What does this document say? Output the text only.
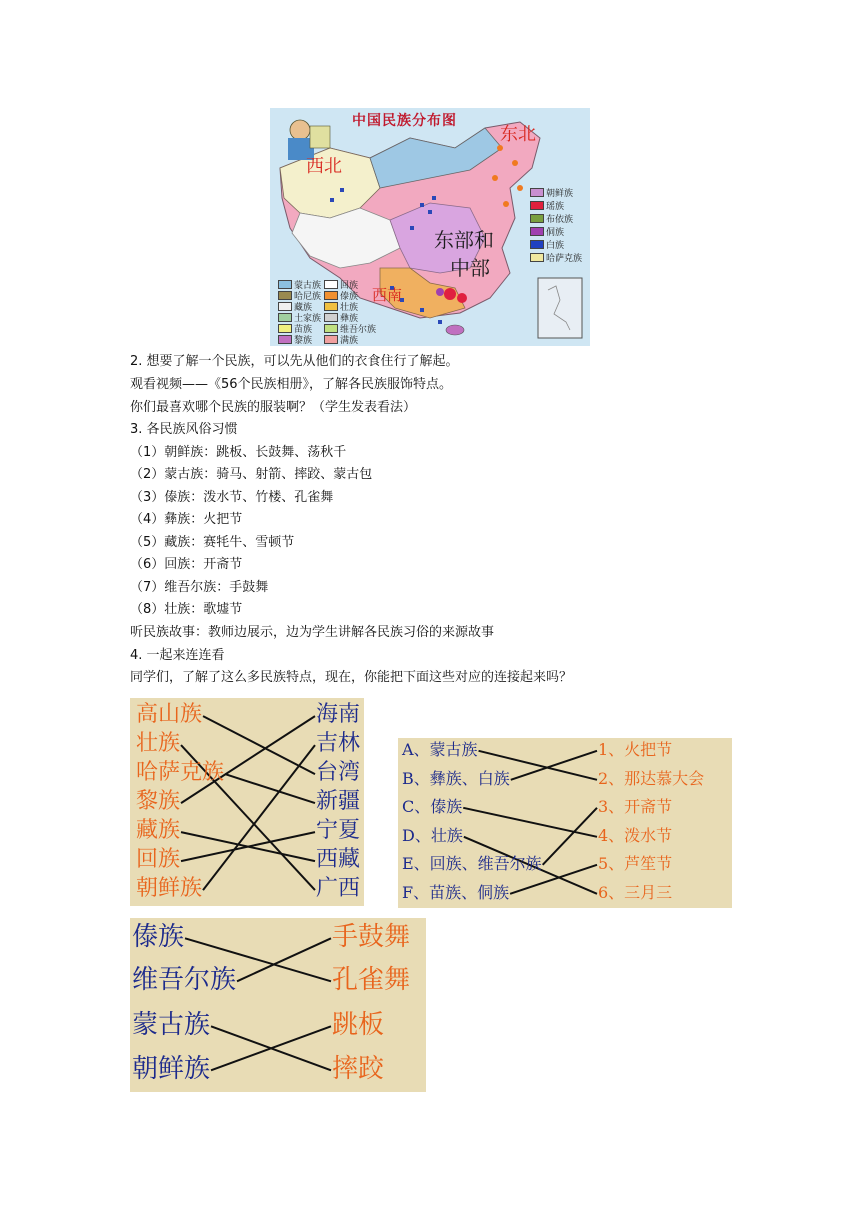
中国民族分布图
东北
西北
东部和
中部
西南
朝鲜族
瑶族
布依族
侗族
白族
哈萨克族
蒙古族
哈尼族
藏族
土家族
苗族
黎族
回族
傣族
壮族
彝族
维吾尔族
满族
2. 想要了解一个民族，可以先从他们的衣食住行了解起。
观看视频——《56个民族相册》，了解各民族服饰特点。
你们最喜欢哪个民族的服装啊？（学生发表看法）
3. 各民族风俗习惯
（1）朝鲜族：跳板、长鼓舞、荡秋千
（2）蒙古族：骑马、射箭、摔跤、蒙古包
（3）傣族：泼水节、竹楼、孔雀舞
（4）彝族：火把节
（5）藏族：赛牦牛、雪顿节
（6）回族：开斋节
（7）维吾尔族：手鼓舞
（8）壮族：歌墟节
听民族故事：教师边展示，边为学生讲解各民族习俗的来源故事
4. 一起来连连看
同学们，了解了这么多民族特点，现在，你能把下面这些对应的连接起来吗？
高山族
壮族
哈萨克族
黎族
藏族
回族
朝鲜族
海南
吉林
台湾
新疆
宁夏
西藏
广西
A、蒙古族
B、彝族、白族
C、傣族
D、壮族
E、回族、维吾尔族
F、苗族、侗族
1、火把节
2、那达慕大会
3、开斋节
4、泼水节
5、芦笙节
6、三月三
傣族
维吾尔族
蒙古族
朝鲜族
手鼓舞
孔雀舞
跳板
摔跤
